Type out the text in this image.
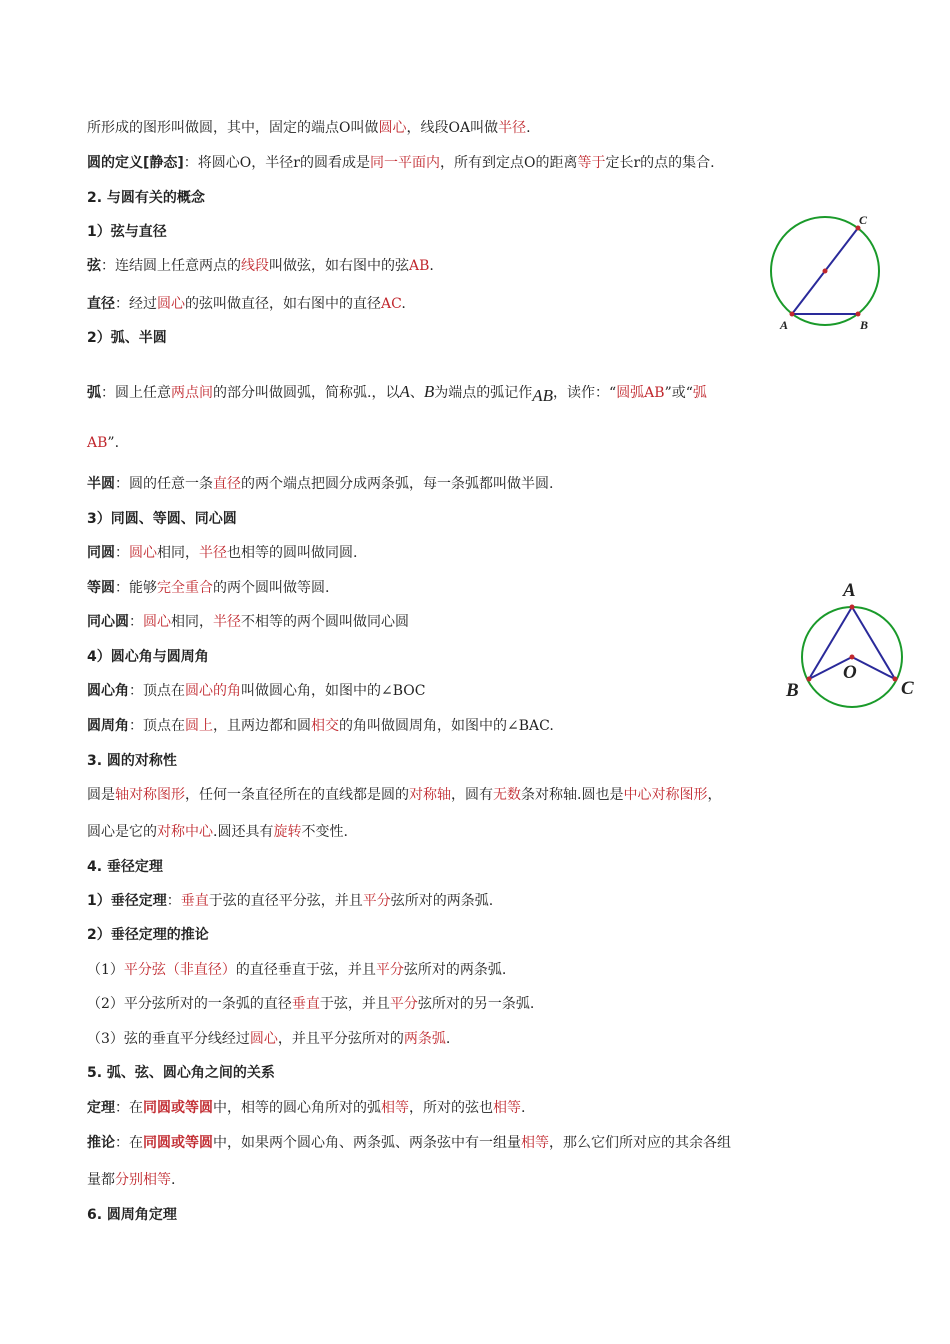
所形成的图形叫做圆，其中，固定的端点O叫做圆心，线段OA叫做半径.
圆的定义[静态]：将圆心O，半径r的圆看成是同一平面内，所有到定点O的距离等于定长r的点的集合.
2. 与圆有关的概念
1）弦与直径
弦：连结圆上任意两点的线段叫做弦，如右图中的弦AB.
直径：经过圆心的弦叫做直径，如右图中的直径AC.
2）弧、半圆
弧：圆上任意两点间的部分叫做圆弧，简称弧.，以A、B为端点的弧记作AB，读作：“圆弧AB”或“弧
AB”.
半圆：圆的任意一条直径的两个端点把圆分成两条弧，每一条弧都叫做半圆.
3）同圆、等圆、同心圆
同圆：圆心相同，半径也相等的圆叫做同圆.
等圆：能够完全重合的两个圆叫做等圆.
同心圆：圆心相同，半径不相等的两个圆叫做同心圆
4）圆心角与圆周角
圆心角：顶点在圆心的角叫做圆心角，如图中的∠BOC
圆周角：顶点在圆上，且两边都和圆相交的角叫做圆周角，如图中的∠BAC.
3. 圆的对称性
圆是轴对称图形，任何一条直径所在的直线都是圆的对称轴，圆有无数条对称轴.圆也是中心对称图形，
圆心是它的对称中心.圆还具有旋转不变性.
4. 垂径定理
1）垂径定理：垂直于弦的直径平分弦，并且平分弦所对的两条弧.
2）垂径定理的推论
（1）平分弦（非直径）的直径垂直于弦，并且平分弦所对的两条弧.
（2）平分弦所对的一条弧的直径垂直于弦，并且平分弦所对的另一条弧.
（3）弦的垂直平分线经过圆心，并且平分弦所对的两条弧.
5. 弧、弦、圆心角之间的关系
定理：在同圆或等圆中，相等的圆心角所对的弧相等，所对的弦也相等.
推论：在同圆或等圆中，如果两个圆心角、两条弧、两条弦中有一组量相等，那么它们所对应的其余各组
量都分别相等.
6. 圆周角定理
C
A	B
A
O
B	C
